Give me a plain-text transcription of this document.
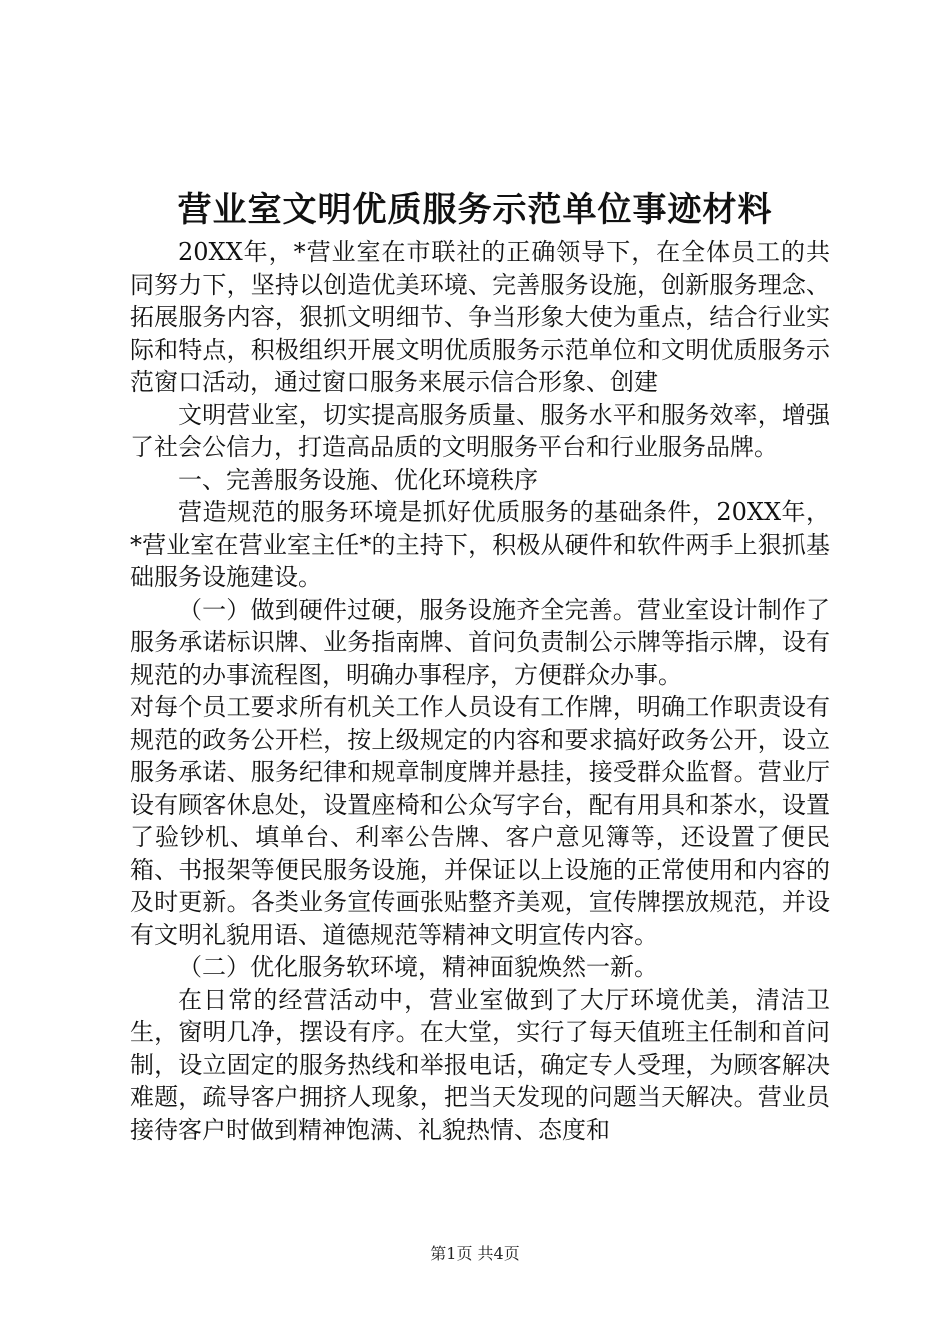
营业室文明优质服务示范单位事迹材料

20XX年，*营业室在市联社的正确领导下，在全体员工的共同努力下，坚持以创造优美环境、完善服务设施，创新服务理念、拓展服务内容，狠抓文明细节、争当形象大使为重点，结合行业实际和特点，积极组织开展文明优质服务示范单位和文明优质服务示范窗口活动，通过窗口服务来展示信合形象、创建

文明营业室，切实提高服务质量、服务水平和服务效率，增强了社会公信力，打造高品质的文明服务平台和行业服务品牌。

一、完善服务设施、优化环境秩序

营造规范的服务环境是抓好优质服务的基础条件，20XX年，*营业室在营业室主任*的主持下，积极从硬件和软件两手上狠抓基础服务设施建设。

（一）做到硬件过硬，服务设施齐全完善。营业室设计制作了服务承诺标识牌、业务指南牌、首问负责制公示牌等指示牌，设有规范的办事流程图，明确办事程序，方便群众办事。

对每个员工要求所有机关工作人员设有工作牌，明确工作职责设有规范的政务公开栏，按上级规定的内容和要求搞好政务公开，设立服务承诺、服务纪律和规章制度牌并悬挂，接受群众监督。营业厅设有顾客休息处，设置座椅和公众写字台，配有用具和茶水，设置了验钞机、填单台、利率公告牌、客户意见簿等，还设置了便民箱、书报架等便民服务设施，并保证以上设施的正常使用和内容的及时更新。各类业务宣传画张贴整齐美观，宣传牌摆放规范，并设有文明礼貌用语、道德规范等精神文明宣传内容。

（二）优化服务软环境，精神面貌焕然一新。

在日常的经营活动中，营业室做到了大厅环境优美，清洁卫生，窗明几净，摆设有序。在大堂，实行了每天值班主任制和首问制，设立固定的服务热线和举报电话，确定专人受理，为顾客解决难题，疏导客户拥挤人现象，把当天发现的问题当天解决。营业员接待客户时做到精神饱满、礼貌热情、态度和

第1页 共4页
